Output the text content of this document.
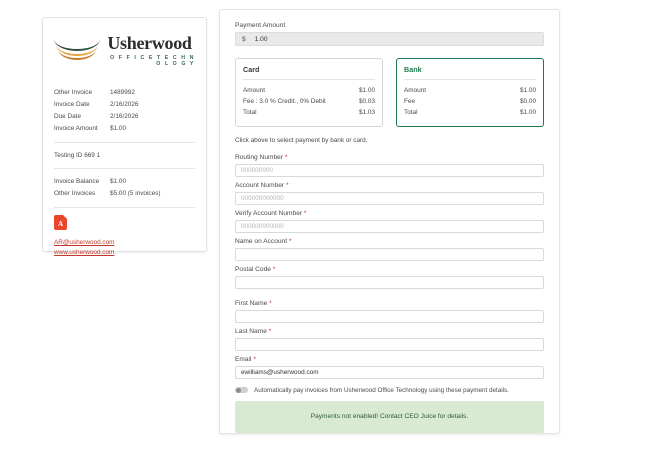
Usherwood
O F F I C E T E C H N O L O G Y
Other Invoice	1489992
Invoice Date	2/16/2026
Due Date	2/16/2026
Invoice Amount	$1.00
Testing ID 669 1
Invoice Balance	$1.00
Other Invoices	$5.00 (5 invoices)
A
AR@usherwood.com
www.usherwood.com
Payment Amount
$ 1.00
Card
Amount	$1.00
Fee : 3.0 % Credit., 0% Debit	$0.03
Total	$1.03
Bank
Amount	$1.00
Fee	$0.00
Total	$1.00
Click above to select payment by bank or card.
Routing Number *
000000000
Account Number *
000000000000
Verify Account Number *
000000000000
Name on Account *
Postal Code *
First Name *
Last Name *
Email *
ewilliams@usherwood.com
Automatically pay invoices from Usherwood Office Technology using these payment details.
Payments not enabled! Contact CEO Juice for details.
